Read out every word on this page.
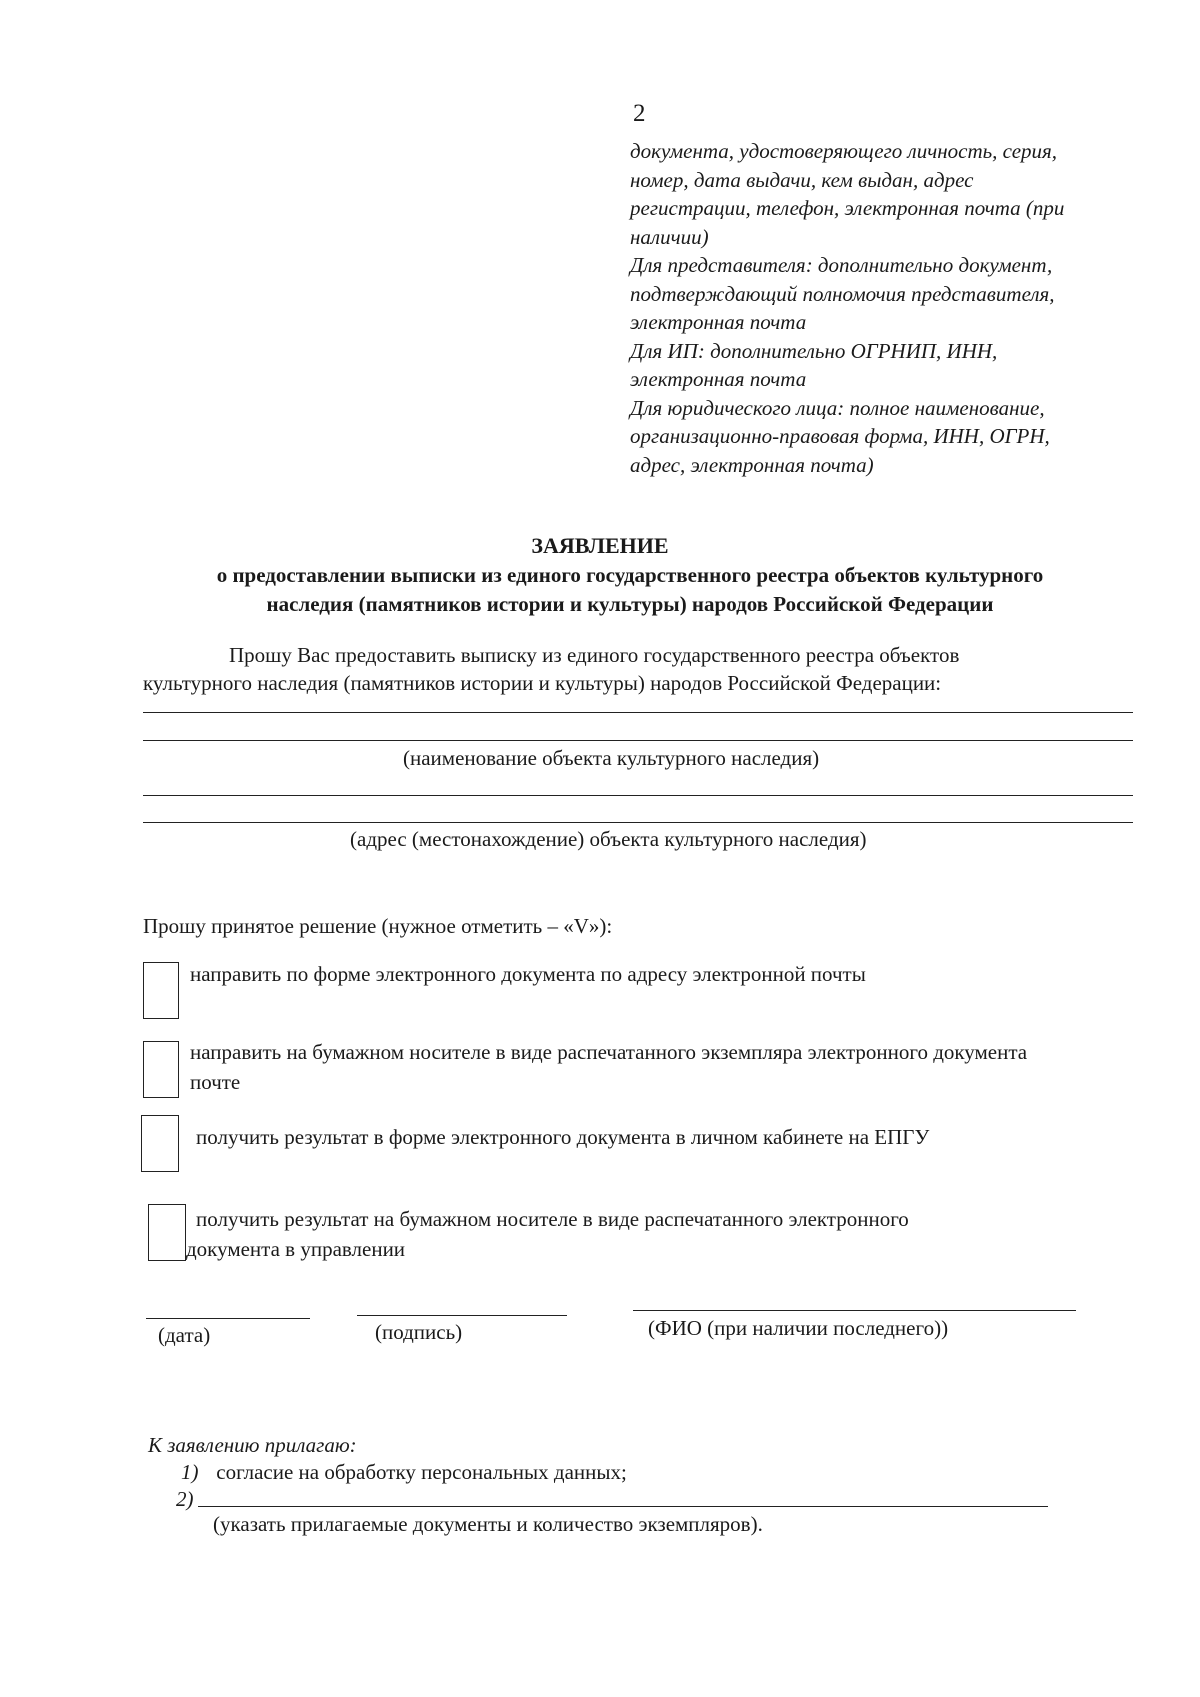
2
документа, удостоверяющего личность, серия,
номер, дата выдачи, кем выдан, адрес
регистрации, телефон, электронная почта (при
наличии)
Для представителя: дополнительно документ,
подтверждающий полномочия представителя,
электронная почта
Для ИП: дополнительно ОГРНИП, ИНН,
электронная почта
Для юридического лица: полное наименование,
организационно-правовая форма, ИНН, ОГРН,
адрес, электронная почта)
ЗАЯВЛЕНИЕ
о предоставлении выписки из единого государственного реестра объектов культурного
наследия (памятников истории и культуры) народов Российской Федерации
Прошу Вас предоставить выписку из единого государственного реестра объектов
культурного наследия (памятников истории и культуры) народов Российской Федерации:
(наименование объекта культурного наследия)
(адрес (местонахождение) объекта культурного наследия)
Прошу принятое решение (нужное отметить – «V»):
направить по форме электронного документа по адресу электронной почты
направить на бумажном носителе в виде распечатанного экземпляра электронного документа
почте
получить результат в форме электронного документа в личном кабинете на ЕПГУ
получить результат на бумажном носителе в виде распечатанного электронного
документа в управлении
(дата)	(подпись)	(ФИО (при наличии последнего))
К заявлению прилагаю:
1) согласие на обработку персональных данных;
2)
(указать прилагаемые документы и количество экземпляров).
